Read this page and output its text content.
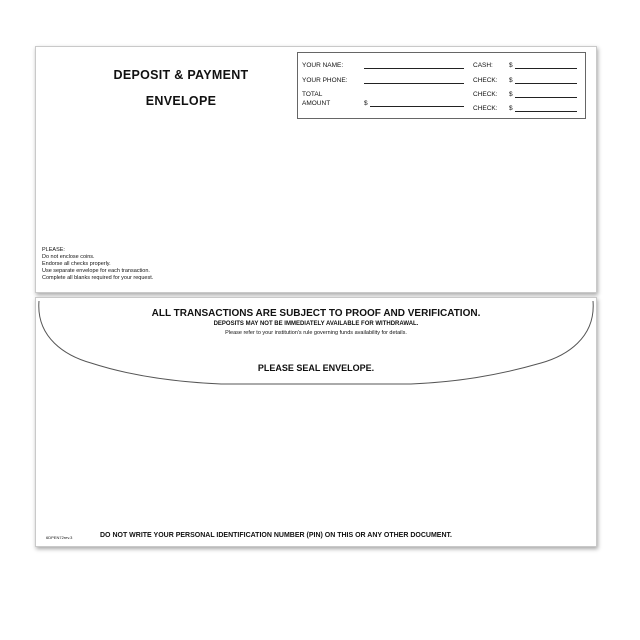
DEPOSIT & PAYMENT
ENVELOPE
YOUR NAME:
YOUR PHONE:
TOTAL
AMOUNT	$
CASH: $
CHECK: $
CHECK: $
CHECK: $
PLEASE:
Do not enclose coins.
Endorse all checks properly.
Use separate envelope for each transaction.
Complete all blanks required for your request.
ALL TRANSACTIONS ARE SUBJECT TO PROOF AND VERIFICATION.
DEPOSITS MAY NOT BE IMMEDIATELY AVAILABLE FOR WITHDRAWAL.
Please refer to your institution's rule governing funds availability for details.
PLEASE SEAL ENVELOPE.
6DPEN72rev.3	DO NOT WRITE YOUR PERSONAL IDENTIFICATION NUMBER (PIN) ON THIS OR ANY OTHER DOCUMENT.
